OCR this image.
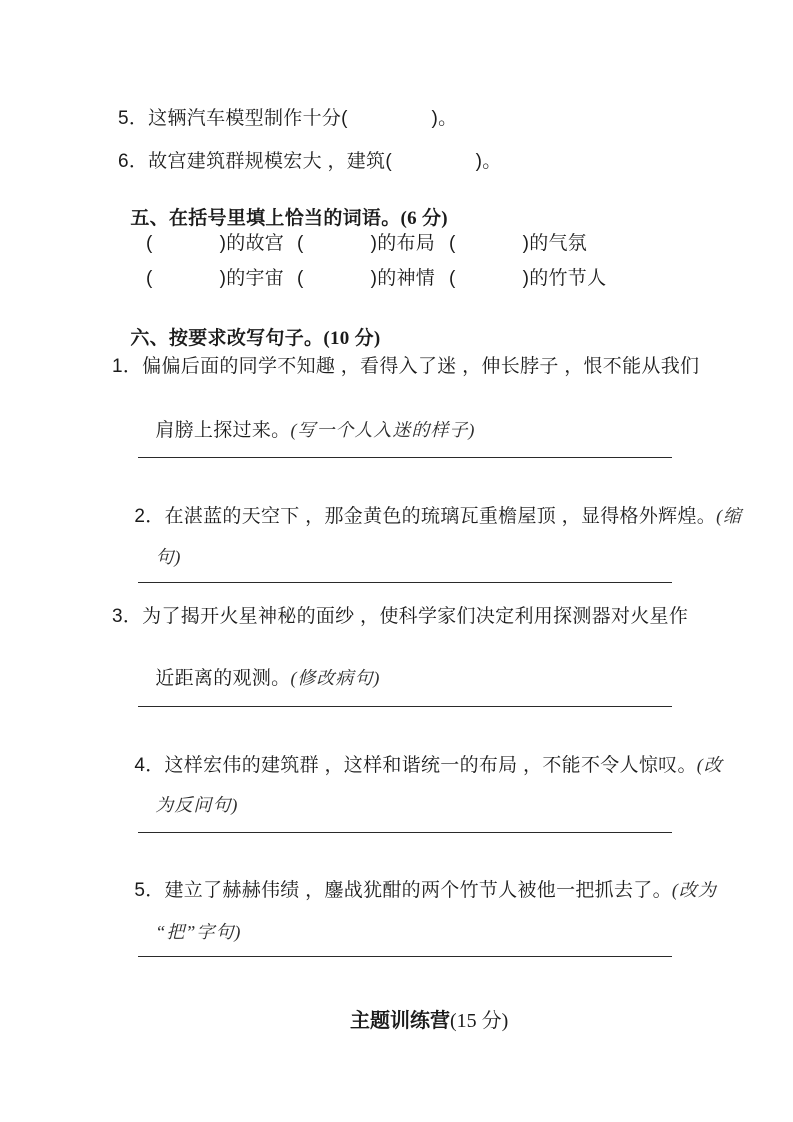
5．这辆汽车模型制作十分(               )。
6．故宫建筑群规模宏大 ，建筑(               )。

五、在括号里填上恰当的词语。(6 分)

(            )的故宫 (            )的布局 (            )的气氛
(            )的宇宙 (            )的神情 (            )的竹节人

六、按要求改写句子。(10 分)

1．偏偏后面的同学不知趣 ，看得入了迷 ，伸长脖子 ，恨不能从我们

肩膀上探过来。(写一个人入迷的样子)

2．在湛蓝的天空下 ，那金黄色的琉璃瓦重檐屋顶 ，显得格外辉煌。(缩

句)

3．为了揭开火星神秘的面纱 ，使科学家们决定利用探测器对火星作

近距离的观测。(修改病句)

4．这样宏伟的建筑群 ，这样和谐统一的布局 ，不能不令人惊叹。(改

为反问句)

5．建立了赫赫伟绩 ，鏖战犹酣的两个竹节人被他一把抓去了。(改为

“把”字句)

主题训练营(15 分)
